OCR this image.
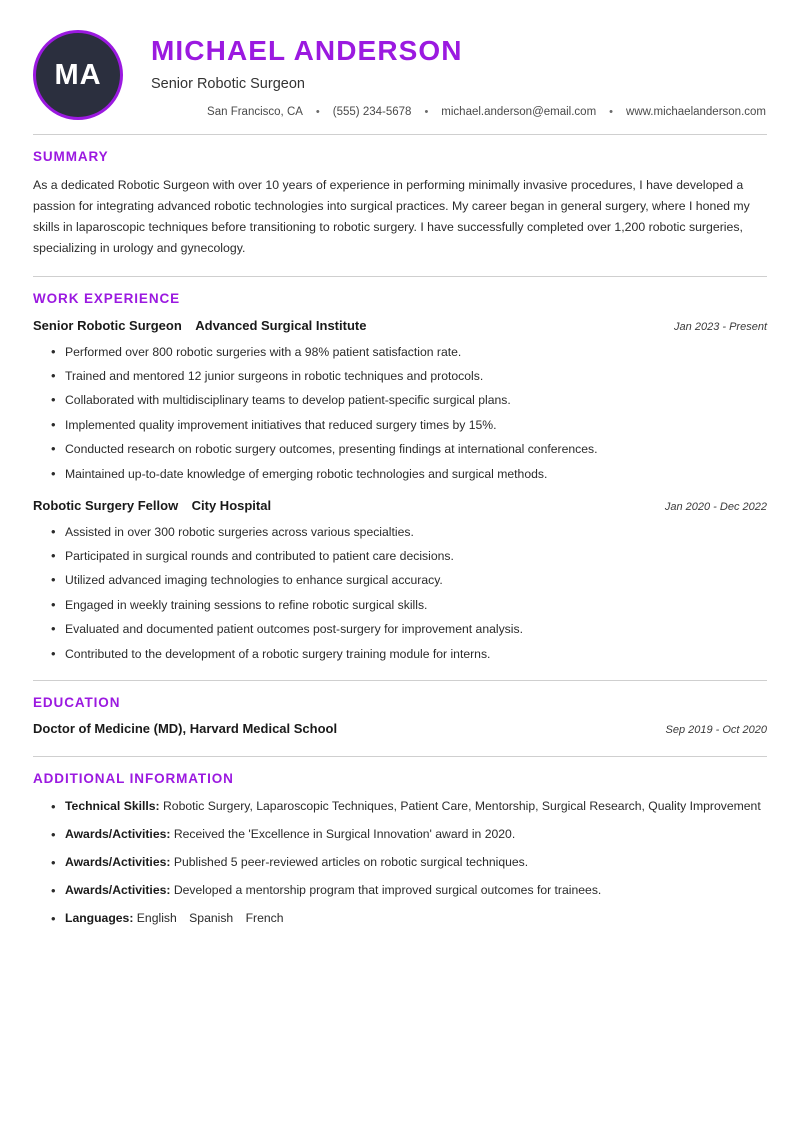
MA
MICHAEL ANDERSON
Senior Robotic Surgeon
San Francisco, CA	•	(555) 234-5678	•	michael.anderson@email.com	•	www.michaelanderson.com
SUMMARY

As a dedicated Robotic Surgeon with over 10 years of experience in performing minimally invasive procedures, I have developed a passion for integrating advanced robotic technologies into surgical practices. My career began in general surgery, where I honed my skills in laparoscopic techniques before transitioning to robotic surgery. I have successfully completed over 1,200 robotic surgeries, specializing in urology and gynecology.

WORK EXPERIENCE
Senior Robotic Surgeon Advanced Surgical Institute	Jan 2023 - Present
• Performed over 800 robotic surgeries with a 98% patient satisfaction rate.
• Trained and mentored 12 junior surgeons in robotic techniques and protocols.
• Collaborated with multidisciplinary teams to develop patient-specific surgical plans.
• Implemented quality improvement initiatives that reduced surgery times by 15%.
• Conducted research on robotic surgery outcomes, presenting findings at international conferences.
• Maintained up-to-date knowledge of emerging robotic technologies and surgical methods.
Robotic Surgery Fellow City Hospital	Jan 2020 - Dec 2022
• Assisted in over 300 robotic surgeries across various specialties.
• Participated in surgical rounds and contributed to patient care decisions.
• Utilized advanced imaging technologies to enhance surgical accuracy.
• Engaged in weekly training sessions to refine robotic surgical skills.
• Evaluated and documented patient outcomes post-surgery for improvement analysis.
• Contributed to the development of a robotic surgery training module for interns.
EDUCATION
Doctor of Medicine (MD), Harvard Medical School	Sep 2019 - Oct 2020
ADDITIONAL INFORMATION
• Technical Skills: Robotic Surgery, Laparoscopic Techniques, Patient Care, Mentorship, Surgical Research, Quality Improvement
• Awards/Activities: Received the 'Excellence in Surgical Innovation' award in 2020.
• Awards/Activities: Published 5 peer-reviewed articles on robotic surgical techniques.
• Awards/Activities: Developed a mentorship program that improved surgical outcomes for trainees.
• Languages: English Spanish French
